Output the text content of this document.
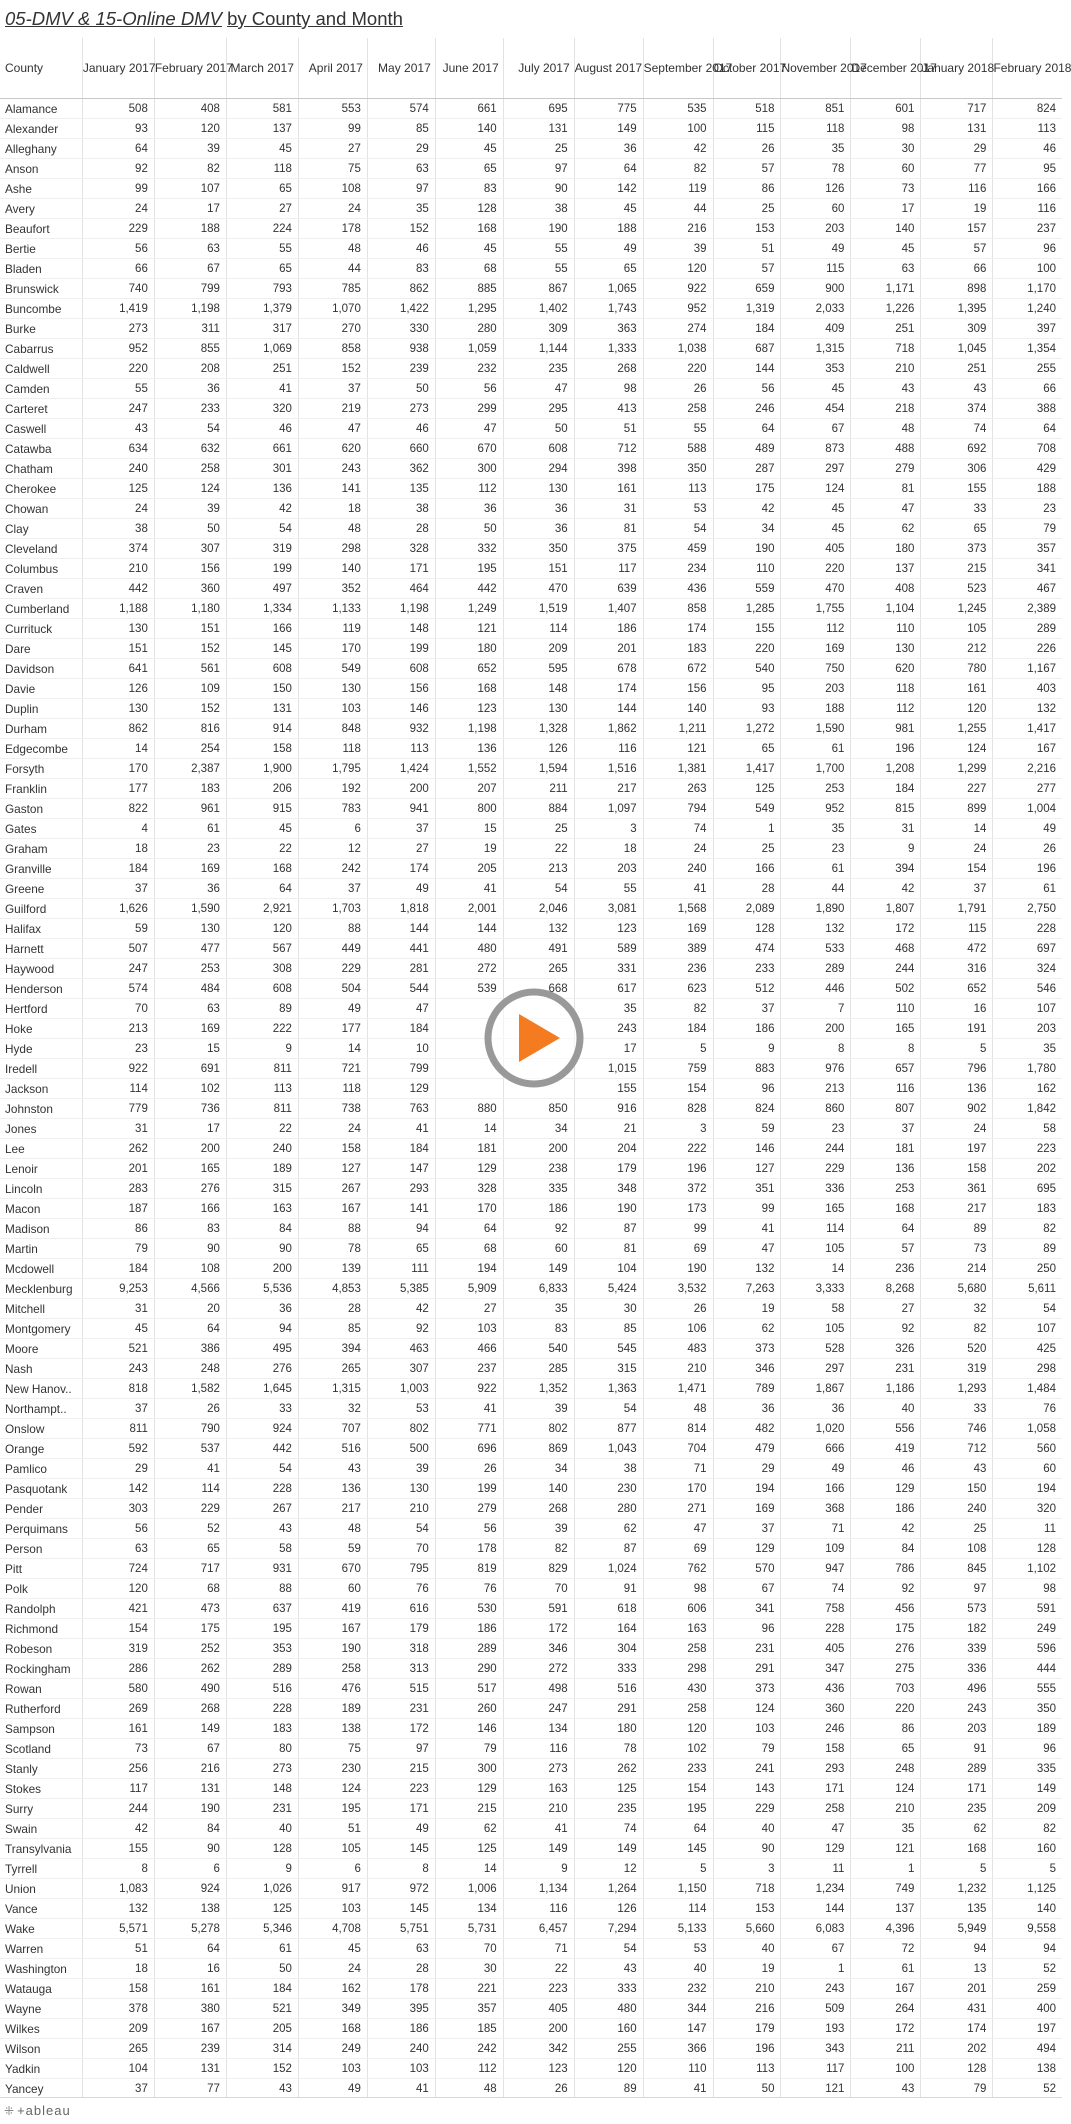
05-DMV & 15-Online DMV by County and Month
County	January 2017	February 2017	March 2017	April 2017	May 2017	June 2017	July 2017	August 2017	September 2017	October 2017	November 2017	December 2017	January 2018	February 2018
Alamance	508	408	581	553	574	661	695	775	535	518	851	601	717	824
Alexander	93	120	137	99	85	140	131	149	100	115	118	98	131	113
Alleghany	64	39	45	27	29	45	25	36	42	26	35	30	29	46
Anson	92	82	118	75	63	65	97	64	82	57	78	60	77	95
Ashe	99	107	65	108	97	83	90	142	119	86	126	73	116	166
Avery	24	17	27	24	35	128	38	45	44	25	60	17	19	116
Beaufort	229	188	224	178	152	168	190	188	216	153	203	140	157	237
Bertie	56	63	55	48	46	45	55	49	39	51	49	45	57	96
Bladen	66	67	65	44	83	68	55	65	120	57	115	63	66	100
Brunswick	740	799	793	785	862	885	867	1,065	922	659	900	1,171	898	1,170
Buncombe	1,419	1,198	1,379	1,070	1,422	1,295	1,402	1,743	952	1,319	2,033	1,226	1,395	1,240
Burke	273	311	317	270	330	280	309	363	274	184	409	251	309	397
Cabarrus	952	855	1,069	858	938	1,059	1,144	1,333	1,038	687	1,315	718	1,045	1,354
Caldwell	220	208	251	152	239	232	235	268	220	144	353	210	251	255
Camden	55	36	41	37	50	56	47	98	26	56	45	43	43	66
Carteret	247	233	320	219	273	299	295	413	258	246	454	218	374	388
Caswell	43	54	46	47	46	47	50	51	55	64	67	48	74	64
Catawba	634	632	661	620	660	670	608	712	588	489	873	488	692	708
Chatham	240	258	301	243	362	300	294	398	350	287	297	279	306	429
Cherokee	125	124	136	141	135	112	130	161	113	175	124	81	155	188
Chowan	24	39	42	18	38	36	36	31	53	42	45	47	33	23
Clay	38	50	54	48	28	50	36	81	54	34	45	62	65	79
Cleveland	374	307	319	298	328	332	350	375	459	190	405	180	373	357
Columbus	210	156	199	140	171	195	151	117	234	110	220	137	215	341
Craven	442	360	497	352	464	442	470	639	436	559	470	408	523	467
Cumberland	1,188	1,180	1,334	1,133	1,198	1,249	1,519	1,407	858	1,285	1,755	1,104	1,245	2,389
Currituck	130	151	166	119	148	121	114	186	174	155	112	110	105	289
Dare	151	152	145	170	199	180	209	201	183	220	169	130	212	226
Davidson	641	561	608	549	608	652	595	678	672	540	750	620	780	1,167
Davie	126	109	150	130	156	168	148	174	156	95	203	118	161	403
Duplin	130	152	131	103	146	123	130	144	140	93	188	112	120	132
Durham	862	816	914	848	932	1,198	1,328	1,862	1,211	1,272	1,590	981	1,255	1,417
Edgecombe	14	254	158	118	113	136	126	116	121	65	61	196	124	167
Forsyth	170	2,387	1,900	1,795	1,424	1,552	1,594	1,516	1,381	1,417	1,700	1,208	1,299	2,216
Franklin	177	183	206	192	200	207	211	217	263	125	253	184	227	277
Gaston	822	961	915	783	941	800	884	1,097	794	549	952	815	899	1,004
Gates	4	61	45	6	37	15	25	3	74	1	35	31	14	49
Graham	18	23	22	12	27	19	22	18	24	25	23	9	24	26
Granville	184	169	168	242	174	205	213	203	240	166	61	394	154	196
Greene	37	36	64	37	49	41	54	55	41	28	44	42	37	61
Guilford	1,626	1,590	2,921	1,703	1,818	2,001	2,046	3,081	1,568	2,089	1,890	1,807	1,791	2,750
Halifax	59	130	120	88	144	144	132	123	169	128	132	172	115	228
Harnett	507	477	567	449	441	480	491	589	389	474	533	468	472	697
Haywood	247	253	308	229	281	272	265	331	236	233	289	244	316	324
Henderson	574	484	608	504	544	539	668	617	623	512	446	502	652	546
Hertford	70	63	89	49	47			35	82	37	7	110	16	107
Hoke	213	169	222	177	184			243	184	186	200	165	191	203
Hyde	23	15	9	14	10			17	5	9	8	8	5	35
Iredell	922	691	811	721	799			1,015	759	883	976	657	796	1,780
Jackson	114	102	113	118	129			155	154	96	213	116	136	162
Johnston	779	736	811	738	763	880	850	916	828	824	860	807	902	1,842
Jones	31	17	22	24	41	14	34	21	3	59	23	37	24	58
Lee	262	200	240	158	184	181	200	204	222	146	244	181	197	223
Lenoir	201	165	189	127	147	129	238	179	196	127	229	136	158	202
Lincoln	283	276	315	267	293	328	335	348	372	351	336	253	361	695
Macon	187	166	163	167	141	170	186	190	173	99	165	168	217	183
Madison	86	83	84	88	94	64	92	87	99	41	114	64	89	82
Martin	79	90	90	78	65	68	60	81	69	47	105	57	73	89
Mcdowell	184	108	200	139	111	194	149	104	190	132	14	236	214	250
Mecklenburg	9,253	4,566	5,536	4,853	5,385	5,909	6,833	5,424	3,532	7,263	3,333	8,268	5,680	5,611
Mitchell	31	20	36	28	42	27	35	30	26	19	58	27	32	54
Montgomery	45	64	94	85	92	103	83	85	106	62	105	92	82	107
Moore	521	386	495	394	463	466	540	545	483	373	528	326	520	425
Nash	243	248	276	265	307	237	285	315	210	346	297	231	319	298
New Hanov..	818	1,582	1,645	1,315	1,003	922	1,352	1,363	1,471	789	1,867	1,186	1,293	1,484
Northampt..	37	26	33	32	53	41	39	54	48	36	36	40	33	76
Onslow	811	790	924	707	802	771	802	877	814	482	1,020	556	746	1,058
Orange	592	537	442	516	500	696	869	1,043	704	479	666	419	712	560
Pamlico	29	41	54	43	39	26	34	38	71	29	49	46	43	60
Pasquotank	142	114	228	136	130	199	140	230	170	194	166	129	150	194
Pender	303	229	267	217	210	279	268	280	271	169	368	186	240	320
Perquimans	56	52	43	48	54	56	39	62	47	37	71	42	25	11
Person	63	65	58	59	70	178	82	87	69	129	109	84	108	128
Pitt	724	717	931	670	795	819	829	1,024	762	570	947	786	845	1,102
Polk	120	68	88	60	76	76	70	91	98	67	74	92	97	98
Randolph	421	473	637	419	616	530	591	618	606	341	758	456	573	591
Richmond	154	175	195	167	179	186	172	164	163	96	228	175	182	249
Robeson	319	252	353	190	318	289	346	304	258	231	405	276	339	596
Rockingham	286	262	289	258	313	290	272	333	298	291	347	275	336	444
Rowan	580	490	516	476	515	517	498	516	430	373	436	703	496	555
Rutherford	269	268	228	189	231	260	247	291	258	124	360	220	243	350
Sampson	161	149	183	138	172	146	134	180	120	103	246	86	203	189
Scotland	73	67	80	75	97	79	116	78	102	79	158	65	91	96
Stanly	256	216	273	230	215	300	273	262	233	241	293	248	289	335
Stokes	117	131	148	124	223	129	163	125	154	143	171	124	171	149
Surry	244	190	231	195	171	215	210	235	195	229	258	210	235	209
Swain	42	84	40	51	49	62	41	74	64	40	47	35	62	82
Transylvania	155	90	128	105	145	125	149	149	145	90	129	121	168	160
Tyrrell	8	6	9	6	8	14	9	12	5	3	11	1	5	5
Union	1,083	924	1,026	917	972	1,006	1,134	1,264	1,150	718	1,234	749	1,232	1,125
Vance	132	138	125	103	145	134	116	126	114	153	144	137	135	140
Wake	5,571	5,278	5,346	4,708	5,751	5,731	6,457	7,294	5,133	5,660	6,083	4,396	5,949	9,558
Warren	51	64	61	45	63	70	71	54	53	40	67	72	94	94
Washington	18	16	50	24	28	30	22	43	40	19	1	61	13	52
Watauga	158	161	184	162	178	221	223	333	232	210	243	167	201	259
Wayne	378	380	521	349	395	357	405	480	344	216	509	264	431	400
Wilkes	209	167	205	168	186	185	200	160	147	179	193	172	174	197
Wilson	265	239	314	249	240	242	342	255	366	196	343	211	202	494
Yadkin	104	131	152	103	103	112	123	120	110	113	117	100	128	138
Yancey	37	77	43	49	41	48	26	89	41	50	121	43	79	52
⁜ +ableau
